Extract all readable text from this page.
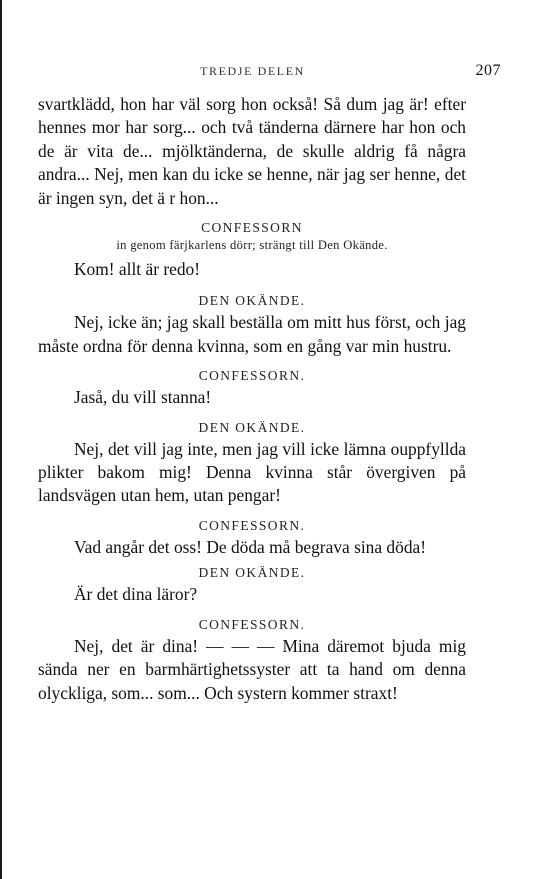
TREDJE DELEN	207

svartklädd, hon har väl sorg hon också! Så dum jag är! efter hennes mor har sorg... och två tänderna därnere har hon och de är vita de... mjölktänderna, de skulle aldrig få några andra... Nej, men kan du icke se henne, när jag ser henne, det är ingen syn, det ä r hon...

CONFESSORN
in genom färjkarlens dörr; strängt till Den Okände.

Kom! allt är redo!

DEN OKÄNDE.

Nej, icke än; jag skall beställa om mitt hus först, och jag måste ordna för denna kvinna, som en gång var min hustru.

CONFESSORN.

Jaså, du vill stanna!

DEN OKÄNDE.

Nej, det vill jag inte, men jag vill icke lämna ouppfyllda plikter bakom mig! Denna kvinna står övergiven på landsvägen utan hem, utan pengar!

CONFESSORN.

Vad angår det oss! De döda må begrava sina döda!

DEN OKÄNDE.

Är det dina läror?

CONFESSORN.

Nej, det är dina! — — — Mina däremot bjuda mig sända ner en barmhärtighetssyster att ta hand om denna olyckliga, som... som... Och systern kommer straxt!
